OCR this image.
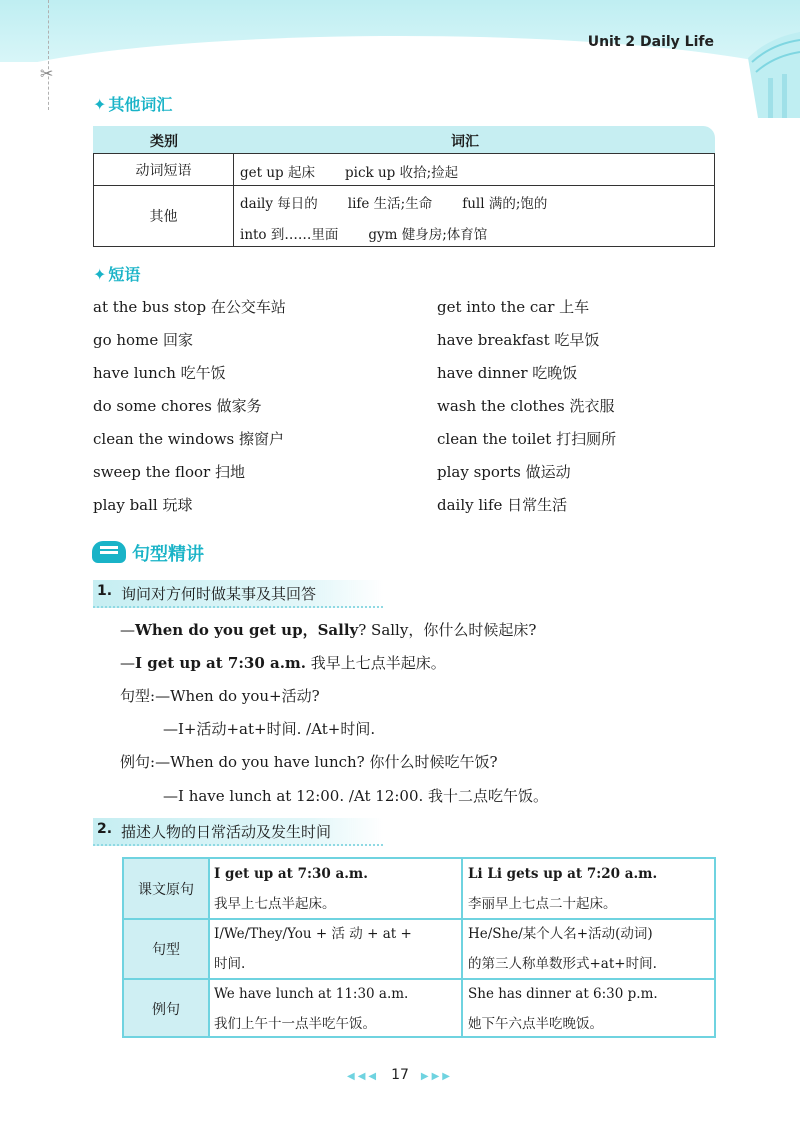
✂
Unit 2 Daily Life
✦ 其他词汇
类别	词汇
动词短语	get up 起床 pick up 收拾;捡起
其他
daily 每日的 life 生活;生命 full 满的;饱的
into 到……里面 gym 健身房;体育馆
✦ 短语
at the bus stop 在公交车站
go home 回家
have lunch 吃午饭
do some chores 做家务
clean the windows 擦窗户
sweep the floor 扫地
play ball 玩球
get into the car 上车
have breakfast 吃早饭
have dinner 吃晚饭
wash the clothes 洗衣服
clean the toilet 打扫厕所
play sports 做运动
daily life 日常生活
句型精讲
1. 询问对方何时做某事及其回答
—When do you get up，Sally? Sally，你什么时候起床?
—I get up at 7:30 a.m. 我早上七点半起床。
句型:—When do you+活动?
—I+活动+at+时间. /At+时间.
例句:—When do you have lunch? 你什么时候吃午饭?
—I have lunch at 12:00. /At 12:00. 我十二点吃午饭。
2. 描述人物的日常活动及发生时间
课文原句
I get up at 7:30 a.m.
我早上七点半起床。
Li Li gets up at 7:20 a.m.
李丽早上七点二十起床。
句型
I/We/They/You + 活 动 + at +
时间.
He/She/某个人名+活动(动词)
的第三人称单数形式+at+时间.
例句
We have lunch at 11:30 a.m.
我们上午十一点半吃午饭。
She has dinner at 6:30 p.m.
她下午六点半吃晚饭。
◀◀◀ 17 ▶▶▶
